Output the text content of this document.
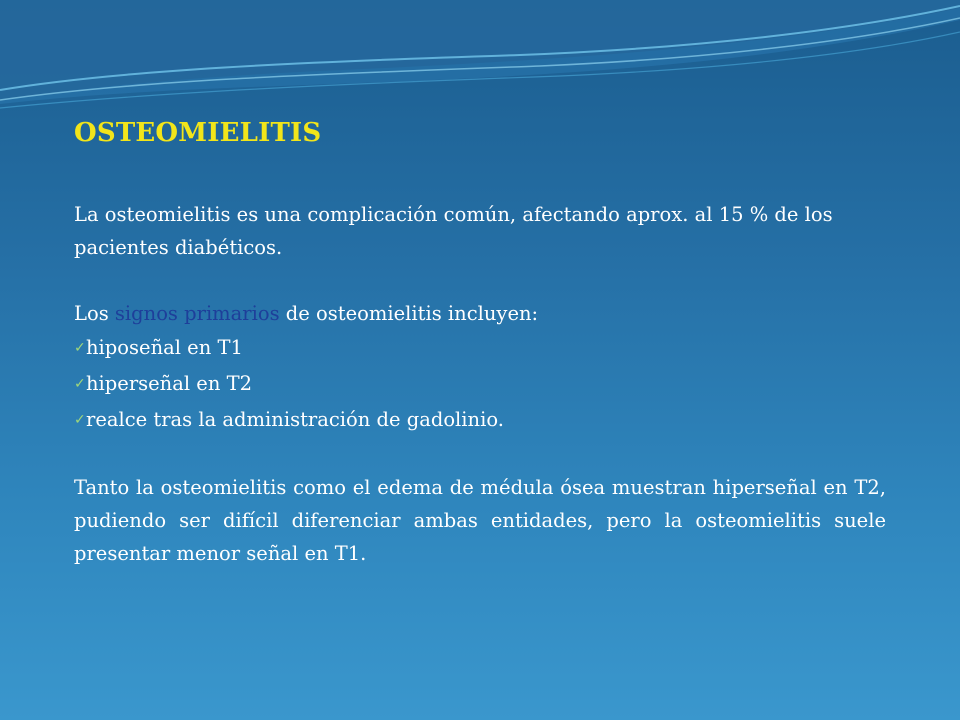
OSTEOMIELITIS

La osteomielitis es una complicación común, afectando aprox. al 15 % de los pacientes diabéticos.

Los signos primarios de osteomielitis incluyen:

✓ hiposeñal en T1
✓ hiperseñal en T2
✓ realce tras la administración de gadolinio.

Tanto la osteomielitis como el edema de médula ósea muestran hiperseñal en T2, pudiendo ser difícil diferenciar ambas entidades, pero la osteomielitis suele presentar menor señal en T1.
